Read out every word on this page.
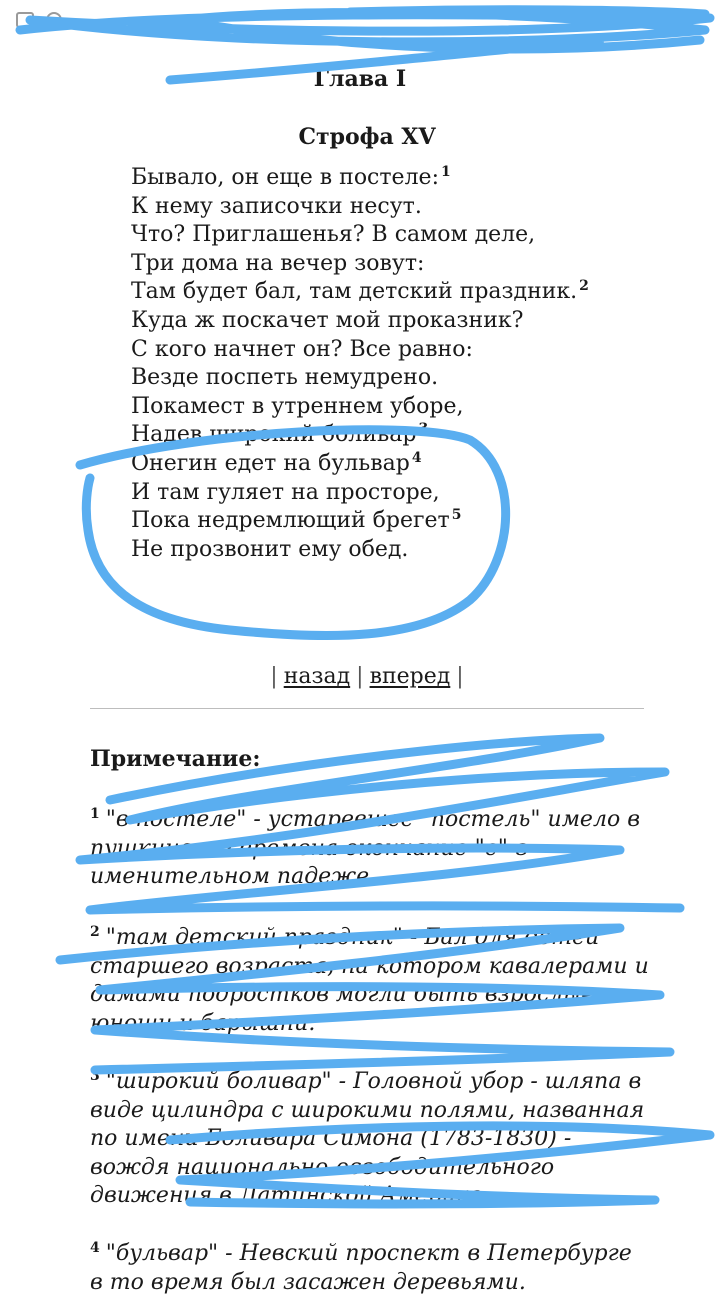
Глава I
Строфа XV
Бывало, он еще в постеле: $^1$
К нему записочки несут.
Что? Приглашенья? В самом деле,
Три дома на вечер зовут:
Там будет бал, там детский праздник. $^2$
Куда ж поскачет мой проказник?
С кого начнет он? Все равно:
Везде поспеть немудрено.
Покамест в утреннем уборе,
Надев широкий боливар $^3$
Онегин едет на бульвар $^4$
И там гуляет на просторе,
Пока недремлющий брегет $^5$
Не прозвонит ему обед.
| назад | вперед |
Примечание:
$^1$ "в постеле" - устаревшее "постель" имело в пушкинские времена окончание "е" в именительном падеже.
$^2$ "там детский праздник" - Бал для детей старшего возраста, на котором кавалерами и дамами подростков могли быть взрослые юноши и барышни.
$^3$ "широкий боливар" - Головной убор - шляпа в виде цилиндра с широкими полями, названная по имени Боливара Симона (1783-1830) - вождя национально-освободительного движения в Латинской Америке.
$^4$ "бульвар" - Невский проспект в Петербурге в то время был засажен деревьями.
